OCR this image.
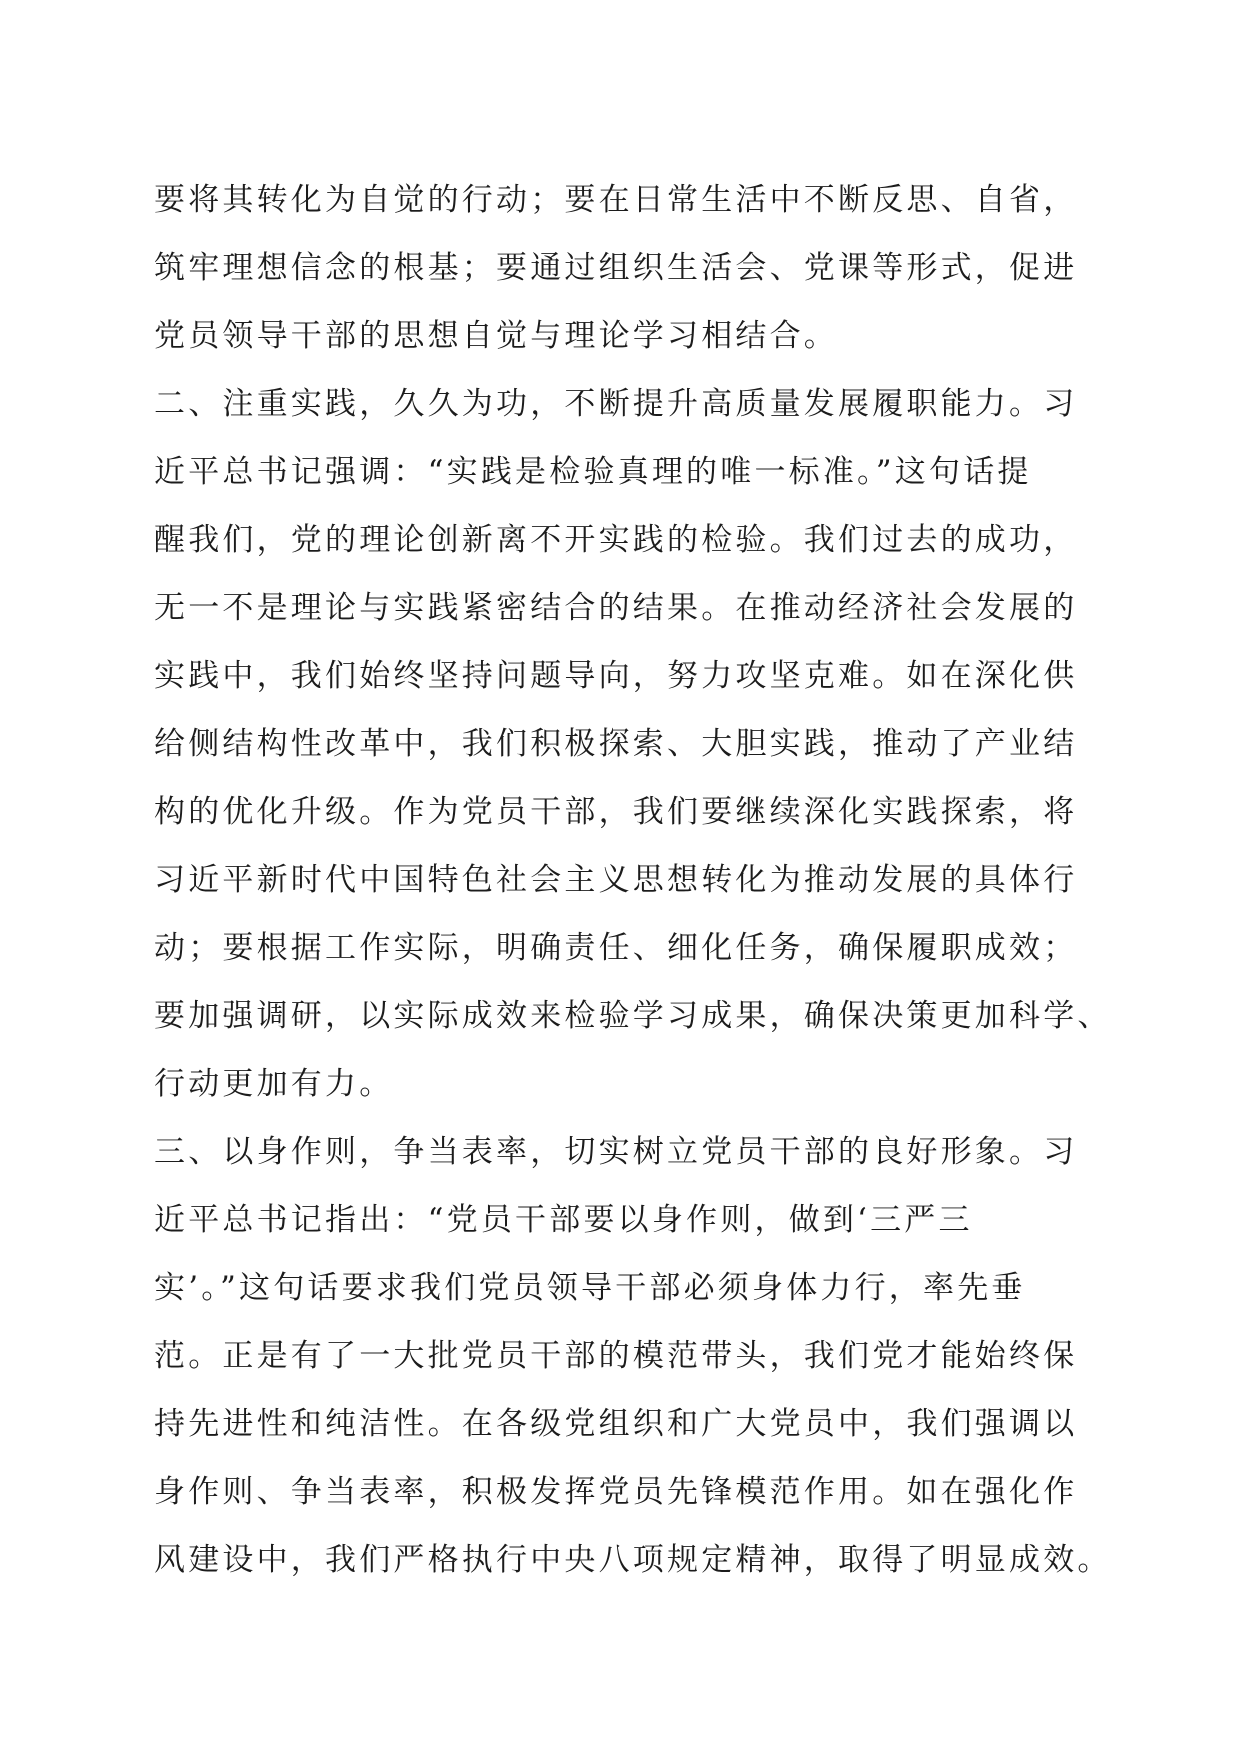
要将其转化为自觉的行动；要在日常生活中不断反思、自省，
筑牢理想信念的根基；要通过组织生活会、党课等形式，促进
党员领导干部的思想自觉与理论学习相结合。
二、注重实践，久久为功，不断提升高质量发展履职能力。习
近平总书记强调：“实践是检验真理的唯一标准。”这句话提
醒我们，党的理论创新离不开实践的检验。我们过去的成功，
无一不是理论与实践紧密结合的结果。在推动经济社会发展的
实践中，我们始终坚持问题导向，努力攻坚克难。如在深化供
给侧结构性改革中，我们积极探索、大胆实践，推动了产业结
构的优化升级。作为党员干部，我们要继续深化实践探索，将
习近平新时代中国特色社会主义思想转化为推动发展的具体行
动；要根据工作实际，明确责任、细化任务，确保履职成效；
要加强调研，以实际成效来检验学习成果，确保决策更加科学、
行动更加有力。
三、以身作则，争当表率，切实树立党员干部的良好形象。习
近平总书记指出：“党员干部要以身作则，做到‘三严三
实’。”这句话要求我们党员领导干部必须身体力行，率先垂
范。正是有了一大批党员干部的模范带头，我们党才能始终保
持先进性和纯洁性。在各级党组织和广大党员中，我们强调以
身作则、争当表率，积极发挥党员先锋模范作用。如在强化作
风建设中，我们严格执行中央八项规定精神，取得了明显成效。
